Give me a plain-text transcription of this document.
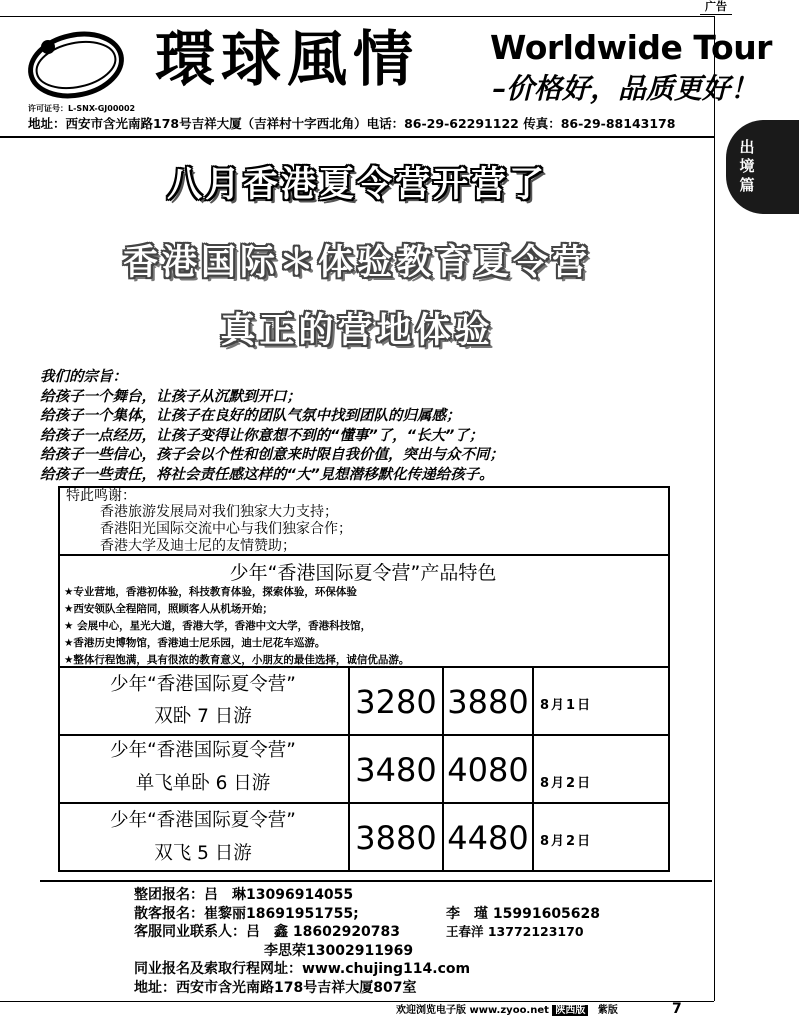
广告
出境篇
環球風情 Worldwide Tour
–价格好，品质更好！
许可证号：L-SNX-GJ00002
地址：西安市含光南路178号吉祥大厦（吉祥村十字西北角）电话：86-29-62291122 传真：86-29-88143178
八月香港夏令营开营了
香港国际＊体验教育夏令营
真正的营地体验
我们的宗旨：
给孩子一个舞台，让孩子从沉默到开口；
给孩子一个集体，让孩子在良好的团队气氛中找到团队的归属感；
给孩子一点经历，让孩子变得让你意想不到的“懂事”了，“长大”了；
给孩子一些信心，孩子会以个性和创意来时限自我价值，突出与众不同；
给孩子一些责任，将社会责任感这样的“大”見想潜移默化传递给孩子。
特此鸣谢：
香港旅游发展局对我们独家大力支持；
香港阳光国际交流中心与我们独家合作；
香港大学及迪士尼的友情赞助；
少年“香港国际夏令营”产品特色
★专业营地，香港初体验，科技教育体验，探索体验，环保体验
★西安领队全程陪同，照顾客人从机场开始；
★ 会展中心，星光大道，香港大学，香港中文大学，香港科技馆，
★香港历史博物馆，香港迪士尼乐园，迪士尼花车巡游。
★整体行程饱满，具有很浓的教育意义，小朋友的最佳选择，诚信优品游。
少年“香港国际夏令营”
双卧 7 日游	3280 3880 8月1日
少年“香港国际夏令营”
单飞单卧 6 日游	3480 4080 8月2日
少年“香港国际夏令营”
双飞 5 日游	3880 4480 8月2日
整团报名：吕　琳13096914055
散客报名：崔黎丽18691951755;	李　瑾 15991605628
客服同业联系人：吕　鑫 18602920783	王春洋 13772123170
李思荣13002911969
同业报名及索取行程网址：www.chujing114.com
地址：西安市含光南路178号吉祥大厦807室
欢迎浏览电子版 www.zyoo.net 陕西版 紫版	7
